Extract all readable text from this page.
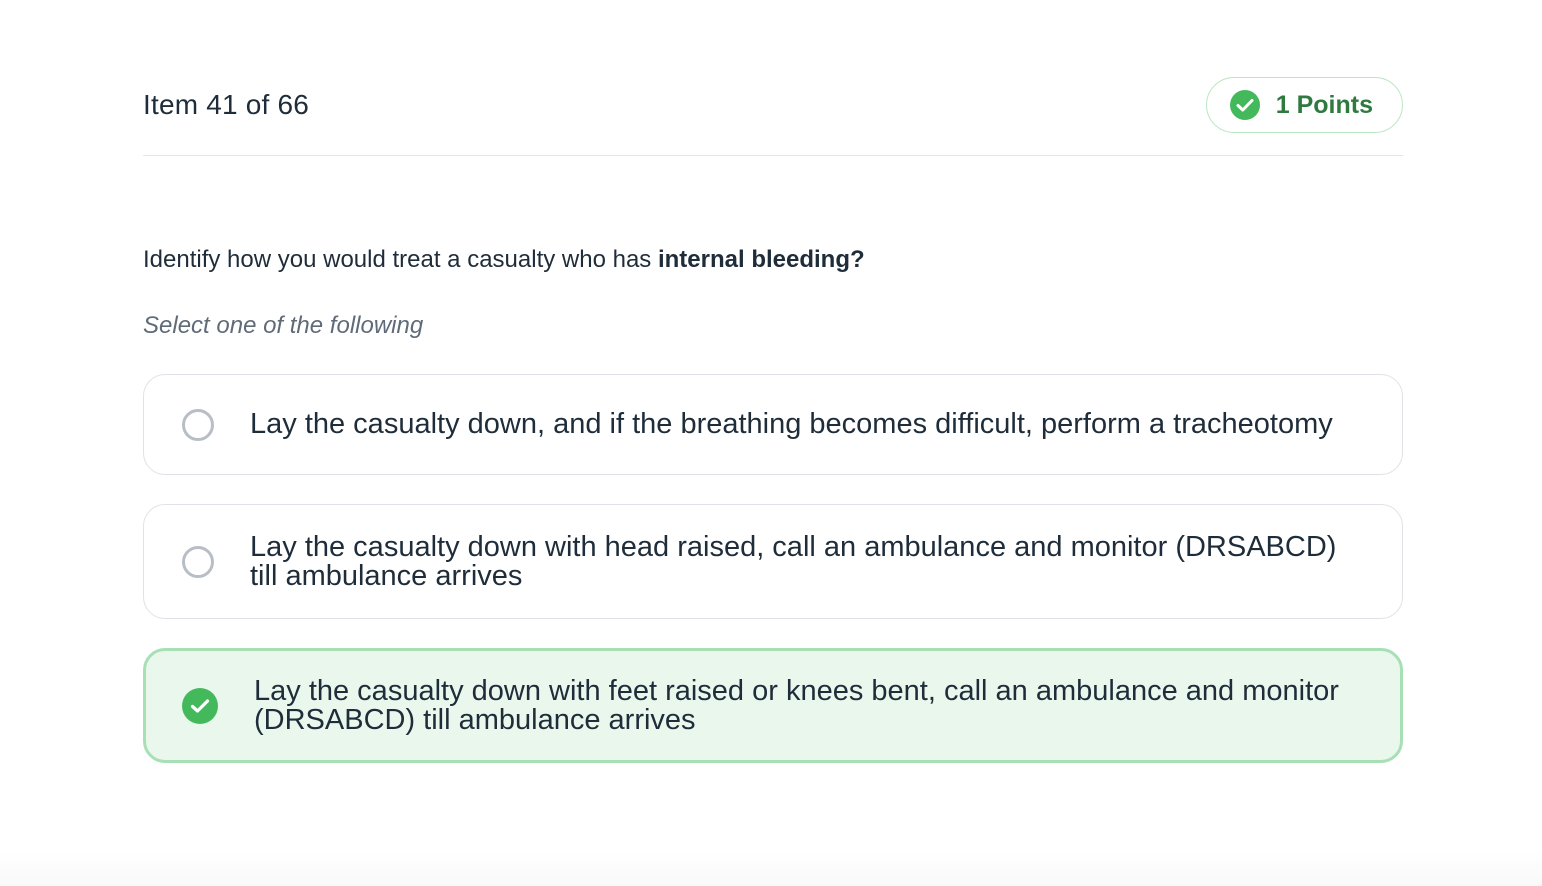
Item 41 of 66	1 Points
Identify how you would treat a casualty who has internal bleeding?
Select one of the following
Lay the casualty down, and if the breathing becomes difficult, perform a tracheotomy
Lay the casualty down with head raised, call an ambulance and monitor (DRSABCD) till ambulance arrives
Lay the casualty down with feet raised or knees bent, call an ambulance and monitor (DRSABCD) till ambulance arrives
